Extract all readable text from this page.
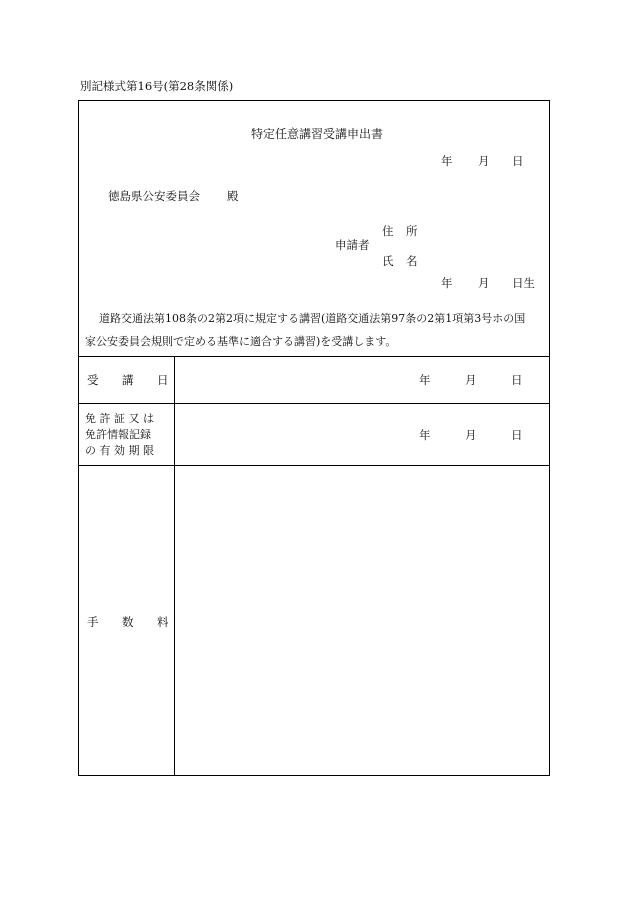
別記様式第16号(第28条関係)
特定任意講習受講申出書
年 月 日
徳島県公安委員会 殿
住 所
申請者
氏 名
年 月 日生
道路交通法第108条の2第2項に規定する講習(道路交通法第97条の2第1項第3号ホの国
家公安委員会規則で定める基準に適合する講習)を受講します。
受 講 日	年	月	日
免 許 証 又 は
免許情報記録
の 有 効 期 限
年	月	日
手 数 料
